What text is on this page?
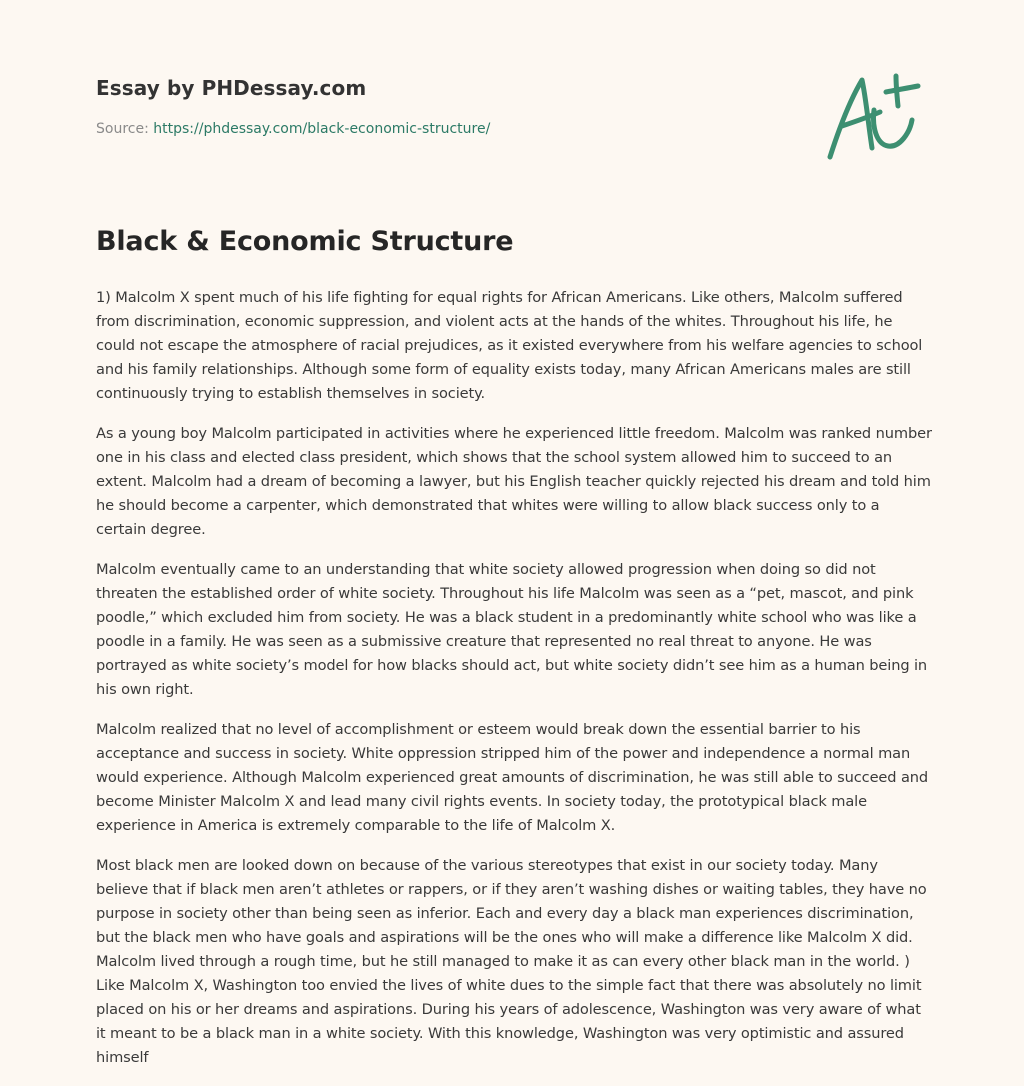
Essay by PHDessay.com
Source: https://phdessay.com/black-economic-structure/
Black & Economic Structure

1) Malcolm X spent much of his life fighting for equal rights for African Americans. Like others, Malcolm suffered from discrimination, economic suppression, and violent acts at the hands of the whites. Throughout his life, he could not escape the atmosphere of racial prejudices, as it existed everywhere from his welfare agencies to school and his family relationships. Although some form of equality exists today, many African Americans males are still continuously trying to establish themselves in society.

As a young boy Malcolm participated in activities where he experienced little freedom. Malcolm was ranked number one in his class and elected class president, which shows that the school system allowed him to succeed to an extent. Malcolm had a dream of becoming a lawyer, but his English teacher quickly rejected his dream and told him he should become a carpenter, which demonstrated that whites were willing to allow black success only to a certain degree.

Malcolm eventually came to an understanding that white society allowed progression when doing so did not threaten the established order of white society. Throughout his life Malcolm was seen as a “pet, mascot, and pink poodle,” which excluded him from society. He was a black student in a predominantly white school who was like a poodle in a family. He was seen as a submissive creature that represented no real threat to anyone. He was portrayed as white society’s model for how blacks should act, but white society didn’t see him as a human being in his own right.

Malcolm realized that no level of accomplishment or esteem would break down the essential barrier to his acceptance and success in society. White oppression stripped him of the power and independence a normal man would experience. Although Malcolm experienced great amounts of discrimination, he was still able to succeed and become Minister Malcolm X and lead many civil rights events. In society today, the prototypical black male experience in America is extremely comparable to the life of Malcolm X.

Most black men are looked down on because of the various stereotypes that exist in our society today. Many believe that if black men aren’t athletes or rappers, or if they aren’t washing dishes or waiting tables, they have no purpose in society other than being seen as inferior. Each and every day a black man experiences discrimination, but the black men who have goals and aspirations will be the ones who will make a difference like Malcolm X did. Malcolm lived through a rough time, but he still managed to make it as can every other black man in the world. ) Like Malcolm X, Washington too envied the lives of white dues to the simple fact that there was absolutely no limit placed on his or her dreams and aspirations. During his years of adolescence, Washington was very aware of what it meant to be a black man in a white society. With this knowledge, Washington was very optimistic and assured himself
